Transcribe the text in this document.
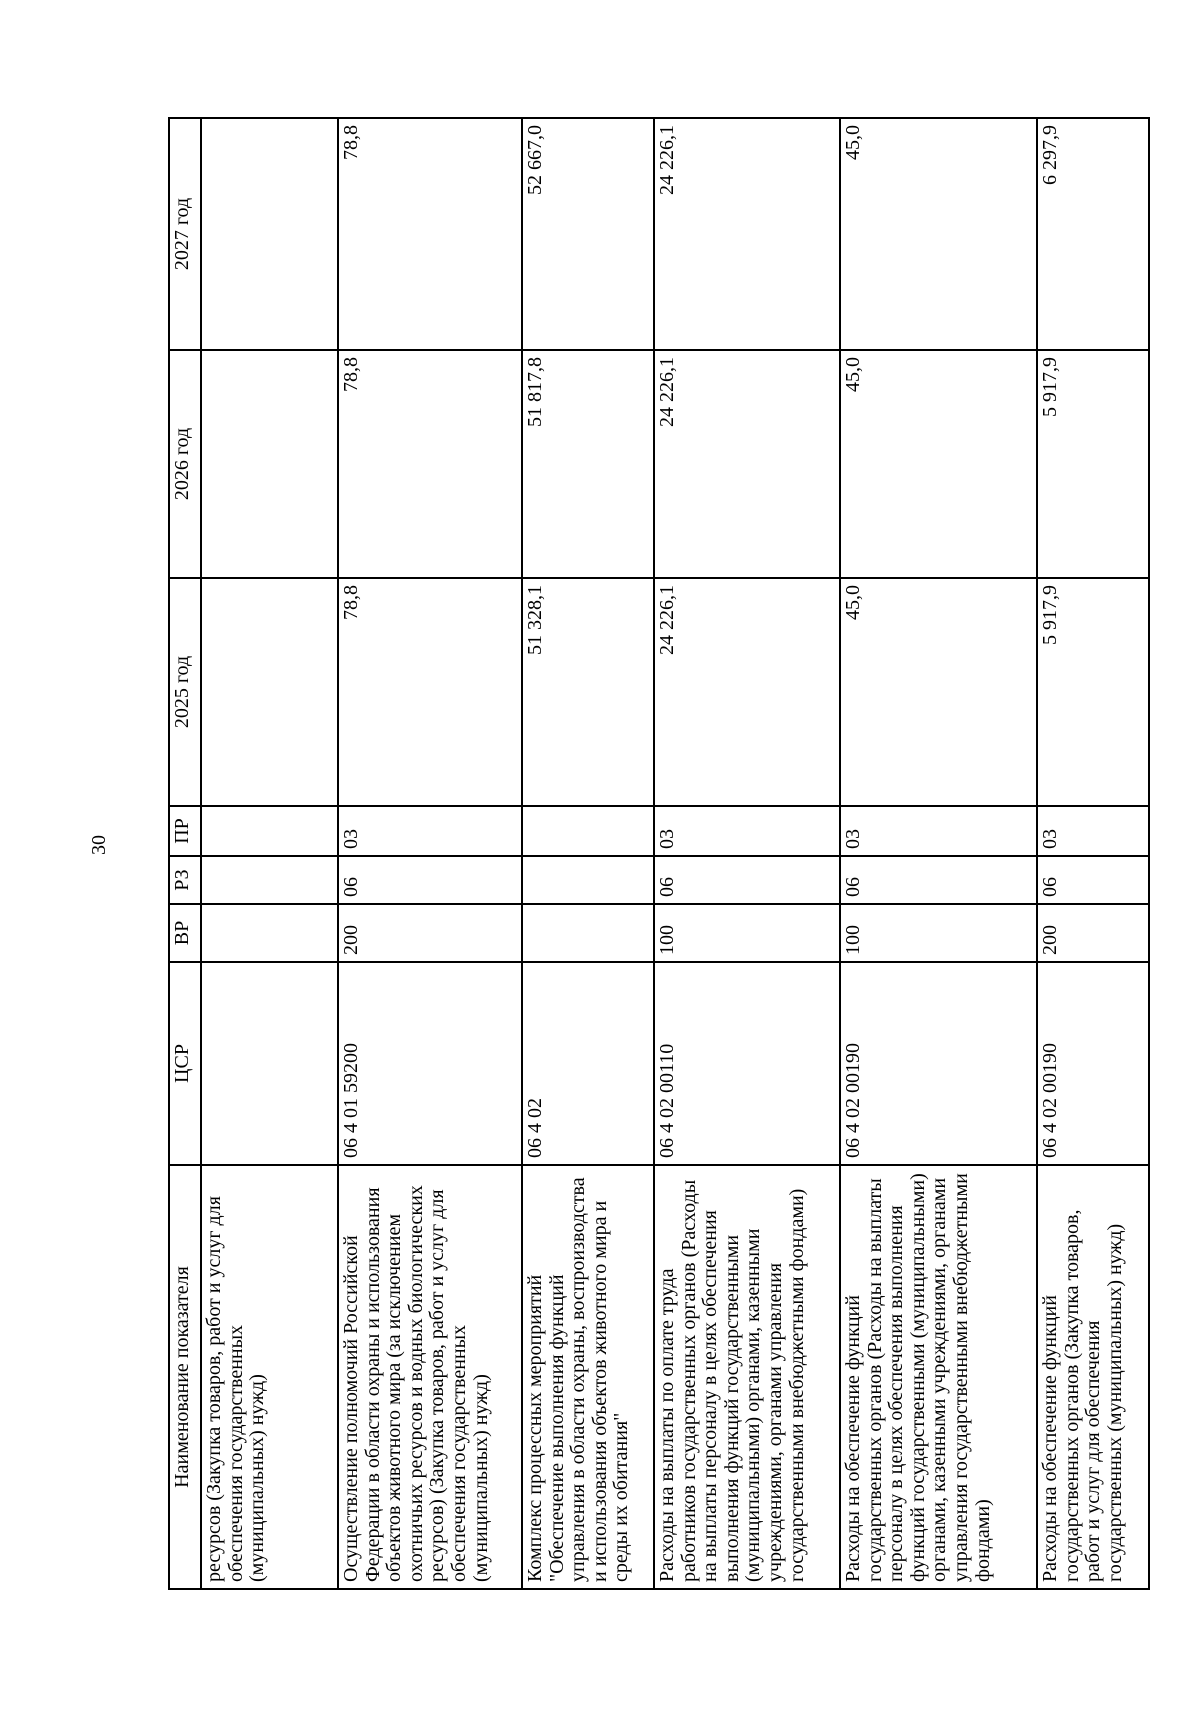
30
Наименование показателя	ЦСР	ВР	РЗ	ПР	2025 год	2026 год	2027 год
ресурсов (Закупка товаров, работ и услуг для обеспечения государственных (муниципальных) нужд)							
Осуществление полномочий Российской Федерации в области охраны и использования объектов животного мира (за исключением охотничьих ресурсов и водных биологических ресурсов) (Закупка товаров, работ и услуг для обеспечения государственных (муниципальных) нужд)	06 4 01 59200	200	06	03	78,8	78,8	78,8
Комплекс процессных мероприятий "Обеспечение выполнения функций управления в области охраны, воспроизводства и использования объектов животного мира и среды их обитания"	06 4 02				51 328,1	51 817,8	52 667,0
Расходы на выплаты по оплате труда работников государственных органов (Расходы на выплаты персоналу в целях обеспечения выполнения функций государственными (муниципальными) органами, казенными учреждениями, органами управления государственными внебюджетными фондами)	06 4 02 00110	100	06	03	24 226,1	24 226,1	24 226,1
Расходы на обеспечение функций государственных органов (Расходы на выплаты персоналу в целях обеспечения выполнения функций государственными (муниципальными) органами, казенными учреждениями, органами управления государственными внебюджетными фондами)	06 4 02 00190	100	06	03	45,0	45,0	45,0
Расходы на обеспечение функций государственных органов (Закупка товаров, работ и услуг для обеспечения государственных (муниципальных) нужд)	06 4 02 00190	200	06	03	5 917,9	5 917,9	6 297,9
